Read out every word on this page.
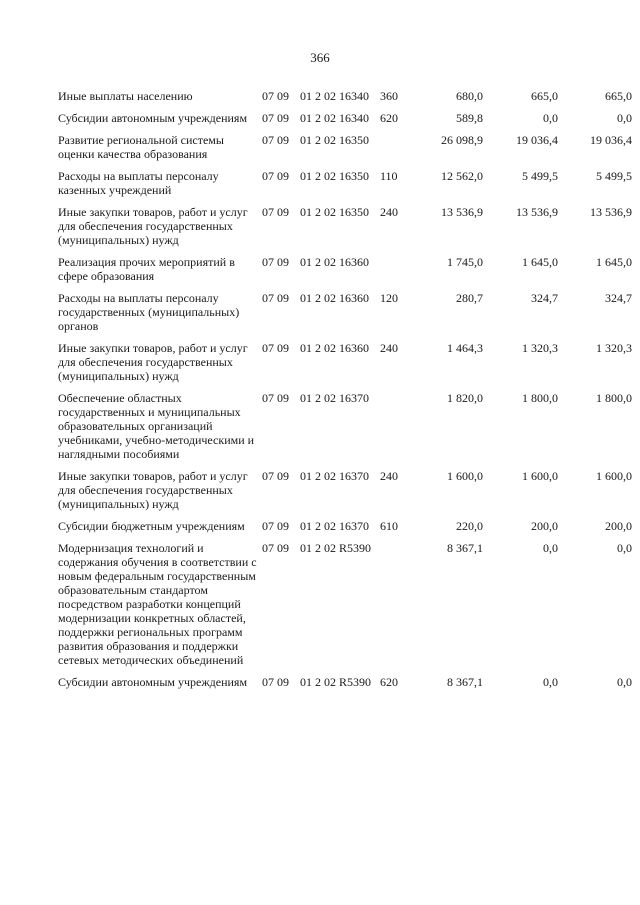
366
Иные выплаты населению	07 09	01 2 02 16340	360	680,0	665,0	665,0

Субсидии автономным учреждениям	07 09	01 2 02 16340	620	589,8	0,0	0,0

Развитие региональной системы оценки качества образования	07 09	01 2 02 16350		26 098,9	19 036,4	19 036,4

Расходы на выплаты персоналу казенных учреждений	07 09	01 2 02 16350	110	12 562,0	5 499,5	5 499,5

Иные закупки товаров, работ и услуг для обеспечения государственных (муниципальных) нужд	07 09	01 2 02 16350	240	13 536,9	13 536,9	13 536,9

Реализация прочих мероприятий в сфере образования	07 09	01 2 02 16360		1 745,0	1 645,0	1 645,0

Расходы на выплаты персоналу государственных (муниципальных) органов	07 09	01 2 02 16360	120	280,7	324,7	324,7

Иные закупки товаров, работ и услуг для обеспечения государственных (муниципальных) нужд	07 09	01 2 02 16360	240	1 464,3	1 320,3	1 320,3

Обеспечение областных государственных и муниципальных образовательных организаций учебниками, учебно-методическими и наглядными пособиями	07 09	01 2 02 16370		1 820,0	1 800,0	1 800,0

Иные закупки товаров, работ и услуг для обеспечения государственных (муниципальных) нужд	07 09	01 2 02 16370	240	1 600,0	1 600,0	1 600,0

Субсидии бюджетным учреждениям	07 09	01 2 02 16370	610	220,0	200,0	200,0

Модернизация технологий и содержания обучения в соответствии с новым федеральным государственным образовательным стандартом посредством разработки концепций модернизации конкретных областей, поддержки региональных программ развития образования и поддержки сетевых методических объединений	07 09	01 2 02 R5390		8 367,1	0,0	0,0

Субсидии автономным учреждениям	07 09	01 2 02 R5390	620	8 367,1	0,0	0,0
